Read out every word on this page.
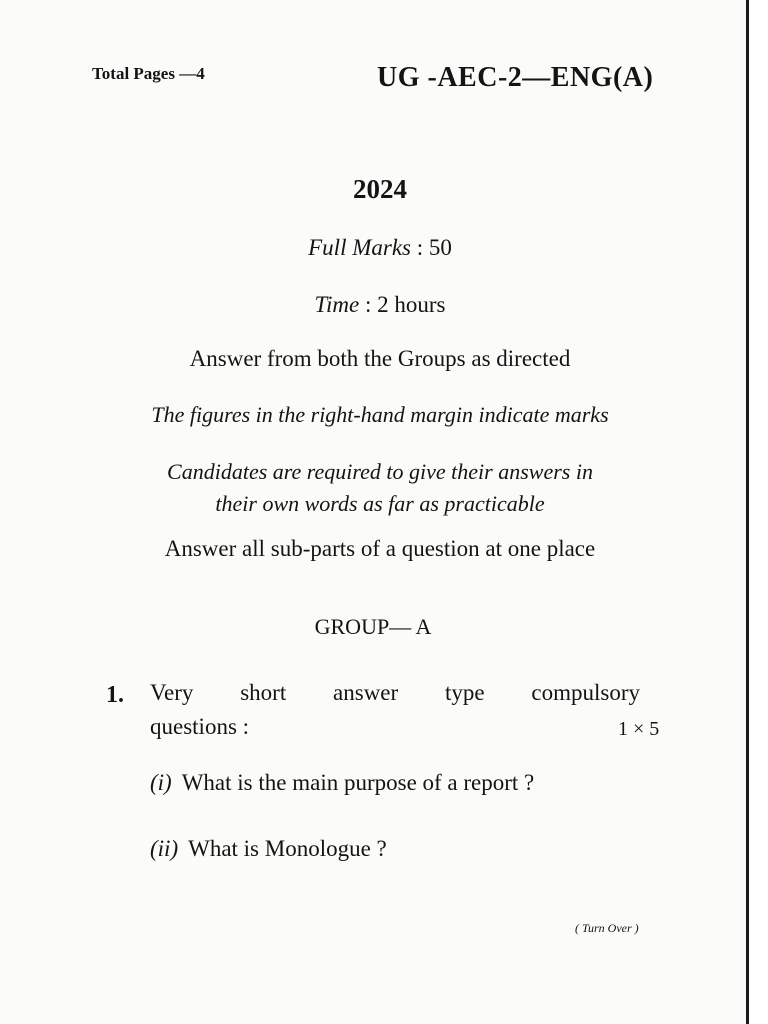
Total Pages —4	UG -AEC-2—ENG(A)
2024
Full Marks : 50
Time : 2 hours
Answer from both the Groups as directed
The figures in the right-hand margin indicate marks
Candidates are required to give their answers in
their own words as far as practicable
Answer all sub-parts of a question at one place
GROUP— A
1. Very short answer type compulsory
questions :	1 × 5
(i) What is the main purpose of a report ?
(ii) What is Monologue ?
( Turn Over )
